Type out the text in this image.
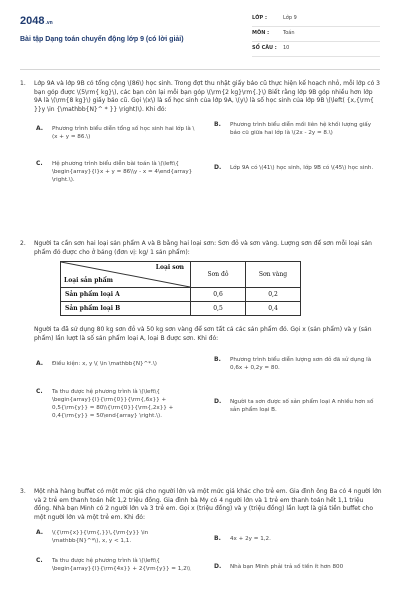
2048.vn
Bài tập Dạng toán chuyển động lớp 9 (có lời giải)
LỚP :	Lớp 9
MÔN :	Toán
SỐ CÂU :	10
1. Lớp 9A và lớp 9B có tổng cộng \(86\) học sinh. Trong đợt thu nhặt giấy báo cũ thực hiện kế hoạch nhỏ, mỗi lớp có 3 bạn góp được \(5\rm{ kg}\), các bạn còn lại mỗi bạn góp \(\rm{2 kg}\rm{.}\) Biết rằng lớp 9B góp nhiều hơn lớp 9A là \(\rm{8 kg}\) giấy báo cũ. Gọi \(x\) là số học sinh của lớp 9A, \(y\) là số học sinh của lớp 9B \(\left( {x,{\rm{ }}y \in {\mathbb{N}^ * }} \right)\). Khi đó:
A.	Phương trình biểu diễn tổng số học sinh hai lớp là \(x + y = 86.\)
B.	Phương trình biểu diễn mối liên hệ khối lượng giấy báo cũ giữa hai lớp là \(2x - 2y = 8.\)
C.	Hệ phương trình biểu diễn bài toán là \(\left\{ \begin{array}{l}x + y = 86\\y - x = 4\end{array} \right.\).
D.	Lớp 9A có \(41\) học sinh, lớp 9B có \(45\) học sinh.
2. Người ta cần sơn hai loại sản phẩm A và B bằng hai loại sơn: Sơn đỏ và sơn vàng. Lượng sơn để sơn mỗi loại sản phẩm đó được cho ở bảng (đơn vị: kg/ 1 sản phẩm):
Loại sơn
Loại sản phẩm	Sơn đỏ	Sơn vàng
Sản phẩm loại A	0,6	0,2
Sản phẩm loại B	0,5	0,4
Người ta đã sử dụng 80 kg sơn đỏ và 50 kg sơn vàng để sơn tất cả các sản phẩm đó. Gọi x (sản phẩm) và y (sản phẩm) lần lượt là số sản phẩm loại A, loại B được sơn. Khi đó:
A.	Điều kiện: x, y \( \in \mathbb{N}^*.\)
B.	Phương trình biểu diễn lượng sơn đỏ đã sử dụng là 0,6x + 0,2y = 80.
C.	Ta thu được hệ phương trình là \(\left\{ \begin{array}{l}{\rm{0}}{\rm{,6x}} + 0,5{\rm{y}} = 80\\{\rm{0}}{\rm{,2x}} + 0,4{\rm{y}} = 50\end{array} \right.\).
D.	Người ta sơn được số sản phẩm loại A nhiều hơn số sản phẩm loại B.
3. Một nhà hàng buffet có một mức giá cho người lớn và một mức giá khác cho trẻ em. Gia đình ông Ba có 4 người lớn và 2 trẻ em thanh toán hết 1,2 triệu đồng. Gia đình bà My có 4 người lớn và 1 trẻ em thanh toán hết 1,1 triệu đồng. Nhà bạn Minh có 2 người lớn và 3 trẻ em. Gọi x (triệu đồng) và y (triệu đồng) lần lượt là giá tiền buffet cho một người lớn và một trẻ em. Khi đó:
A.	\({\rm{x}}{\rm{,}}\,{\rm{y}} \in \mathbb{N}^*\), x, y < 1,1.	B.	4x + 2y = 1,2.
C.	Ta thu được hệ phương trình là \(\left\{ \begin{array}{l}{\rm{4x}} + 2{\rm{y}} = 1,2\\	D.	Nhà bạn Minh phải trả số tiền ít hơn 800
